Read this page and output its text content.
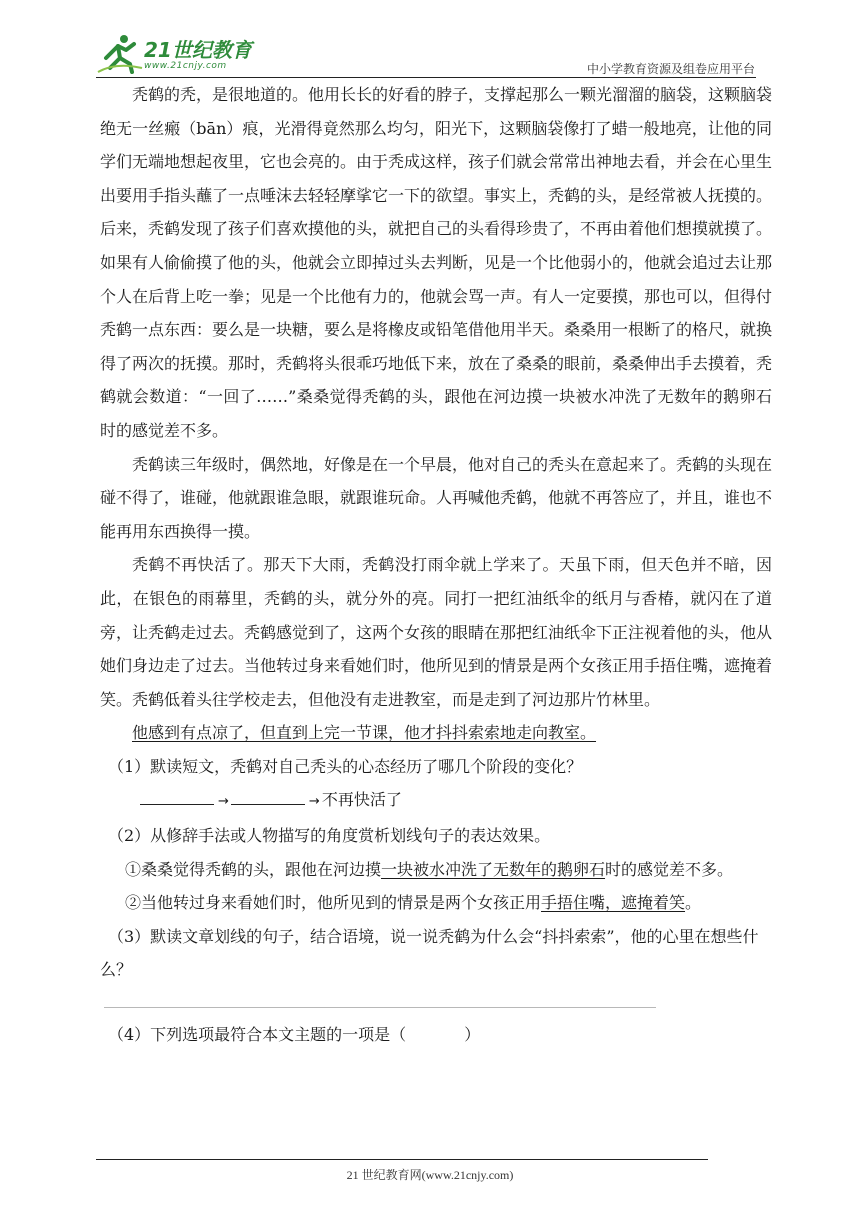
21世纪教育
www.21cnjy.com	中小学教育资源及组卷应用平台

秃鹤的秃，是很地道的。他用长长的好看的脖子，支撑起那么一颗光溜溜的脑袋，这颗脑袋绝无一丝瘢（bān）痕，光滑得竟然那么均匀，阳光下，这颗脑袋像打了蜡一般地亮，让他的同学们无端地想起夜里，它也会亮的。由于秃成这样，孩子们就会常常出神地去看，并会在心里生出要用手指头蘸了一点唾沫去轻轻摩挲它一下的欲望。事实上，秃鹤的头，是经常被人抚摸的。后来，秃鹤发现了孩子们喜欢摸他的头，就把自己的头看得珍贵了，不再由着他们想摸就摸了。如果有人偷偷摸了他的头，他就会立即掉过头去判断，见是一个比他弱小的，他就会追过去让那个人在后背上吃一拳；见是一个比他有力的，他就会骂一声。有人一定要摸，那也可以，但得付秃鹤一点东西：要么是一块糖，要么是将橡皮或铅笔借他用半天。桑桑用一根断了的格尺，就换得了两次的抚摸。那时，秃鹤将头很乖巧地低下来，放在了桑桑的眼前，桑桑伸出手去摸着，秃鹤就会数道：“一回了……”桑桑觉得秃鹤的头，跟他在河边摸一块被水冲洗了无数年的鹅卵石时的感觉差不多。

秃鹤读三年级时，偶然地，好像是在一个早晨，他对自己的秃头在意起来了。秃鹤的头现在碰不得了，谁碰，他就跟谁急眼，就跟谁玩命。人再喊他秃鹤，他就不再答应了，并且，谁也不能再用东西换得一摸。

秃鹤不再快活了。那天下大雨，秃鹤没打雨伞就上学来了。天虽下雨，但天色并不暗，因此，在银色的雨幕里，秃鹤的头，就分外的亮。同打一把红油纸伞的纸月与香椿，就闪在了道旁，让秃鹤走过去。秃鹤感觉到了，这两个女孩的眼睛在那把红油纸伞下正注视着他的头，他从她们身边走了过去。当他转过身来看她们时，他所见到的情景是两个女孩正用手捂住嘴，遮掩着笑。秃鹤低着头往学校走去，但他没有走进教室，而是走到了河边那片竹林里。

他感到有点凉了，但直到上完一节课，他才抖抖索索地走向教室。

（1）默读短文，秃鹤对自己秃头的心态经历了哪几个阶段的变化？

→	→ 不再快活了

（2）从修辞手法或人物描写的角度赏析划线句子的表达效果。

①桑桑觉得秃鹤的头，跟他在河边摸一块被水冲洗了无数年的鹅卵石时的感觉差不多。

②当他转过身来看她们时，他所见到的情景是两个女孩正用手捂住嘴，遮掩着笑。

（3）默读文章划线的句子，结合语境，说一说秃鹤为什么会“抖抖索索”，他的心里在想些什么？

（4）下列选项最符合本文主题的一项是（	）

21 世纪教育网(www.21cnjy.com)
